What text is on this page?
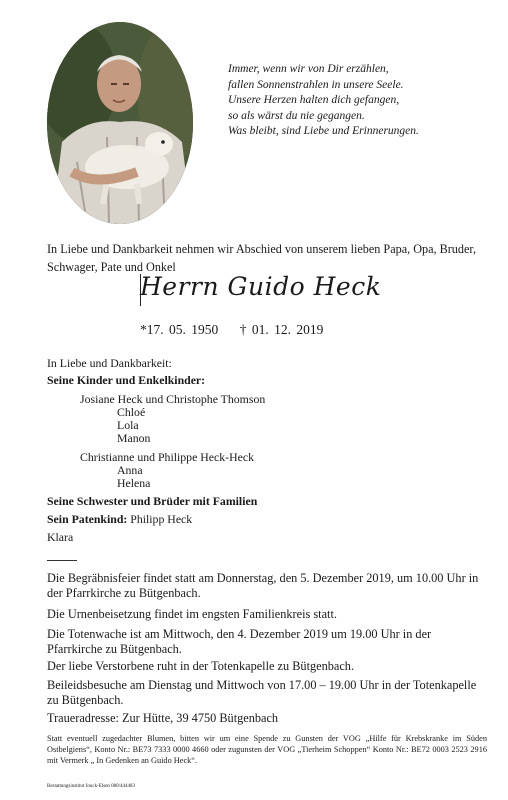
Immer, wenn wir von Dir erzählen,
fallen Sonnenstrahlen in unsere Seele.
Unsere Herzen halten dich gefangen,
so als wärst du nie gegangen.
Was bleibt, sind Liebe und Erinnerungen.
In Liebe und Dankbarkeit nehmen wir Abschied von unserem lieben Papa, Opa, Bruder, Schwager, Pate und Onkel
Herrn Guido Heck
*17. 05. 1950 † 01. 12. 2019
In Liebe und Dankbarkeit:
Seine Kinder und Enkelkinder:
Josiane Heck und Christophe Thomson
Chloé
Lola
Manon
Christianne und Philippe Heck-Heck
Anna
Helena
Seine Schwester und Brüder mit Familien
Sein Patenkind: Philipp Heck
Klara
Die Begräbnisfeier findet statt am Donnerstag, den 5. Dezember 2019, um 10.00 Uhr in der Pfarrkirche zu Bütgenbach.
Die Urnenbeisetzung findet im engsten Familienkreis statt.
Die Totenwache ist am Mittwoch, den 4. Dezember 2019 um 19.00 Uhr in der Pfarrkirche zu Bütgenbach.
Der liebe Verstorbene ruht in der Totenkapelle zu Bütgenbach.
Beileidsbesuche am Dienstag und Mittwoch von 17.00 – 19.00 Uhr in der Totenkapelle zu Bütgenbach.
Traueradresse: Zur Hütte, 39 4750 Bütgenbach
Statt eventuell zugedachter Blumen, bitten wir um eine Spende zu Gunsten der VOG „Hilfe für Krebskranke im Süden Ostbelgiens“, Konto Nr.: BE73 7333 0000 4660 oder zugunsten der VOG „Tierheim Schoppen“ Konto Nr.: BE72 0003 2523 2916 mit Vermerk „ In Gedenken an Guido Heck“.
Bestattungsinstitut Jouck-Elsen 080/444483
